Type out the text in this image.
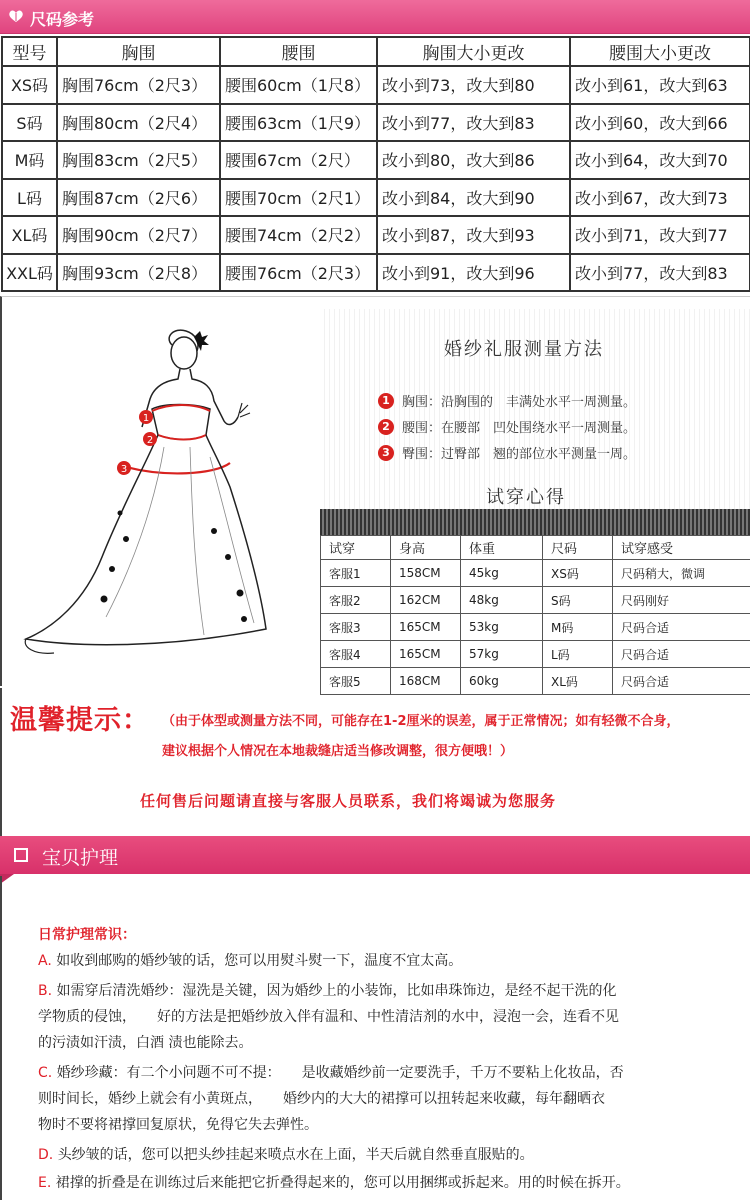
尺码参考
型号	胸围	腰围	胸围大小更改	腰围大小更改
XS码	胸围76cm（2尺3）	腰围60cm（1尺8）	改小到73，改大到80	改小到61，改大到63
S码	胸围80cm（2尺4）	腰围63cm（1尺9）	改小到77，改大到83	改小到60，改大到66
M码	胸围83cm（2尺5）	腰围67cm（2尺）	改小到80，改大到86	改小到64，改大到70
L码	胸围87cm（2尺6）	腰围70cm（2尺1）	改小到84，改大到90	改小到67，改大到73
XL码	胸围90cm（2尺7）	腰围74cm（2尺2）	改小到87，改大到93	改小到71，改大到77
XXL码	胸围93cm（2尺8）	腰围76cm（2尺3）	改小到91，改大到96	改小到77，改大到83
1
2
3
婚纱礼服测量方法
1 胸围：沿胸围的　丰满处水平一周测量。
2 腰围：在腰部　凹处围绕水平一周测量。
3 臀围：过臀部　翘的部位水平测量一周。
试穿心得
试穿	身高	体重	尺码	试穿感受
客服1	158CM	45kg	XS码	尺码稍大，微调
客服2	162CM	48kg	S码	尺码刚好
客服3	165CM	53kg	M码	尺码合适
客服4	165CM	57kg	L码	尺码合适
客服5	168CM	60kg	XL码	尺码合适
温馨提示： （由于体型或测量方法不同，可能存在1-2厘米的误差，属于正常情况；如有轻微不合身，
建议根据个人情况在本地裁缝店适当修改调整，很方便哦！）
任何售后问题请直接与客服人员联系，我们将竭诚为您服务
宝贝护理
日常护理常识：
A. 如收到邮购的婚纱皱的话，您可以用熨斗熨一下，温度不宜太高。
B. 如需穿后清洗婚纱：湿洗是关键，因为婚纱上的小装饰，比如串珠饰边，是经不起干洗的化
学物质的侵蚀，　　好的方法是把婚纱放入伴有温和、中性清洁剂的水中，浸泡一会，连看不见
的污渍如汗渍，白酒 渍也能除去。
C. 婚纱珍藏：有二个小问题不可不提：　　是收藏婚纱前一定要洗手，千万不要粘上化妆品，否
则时间长，婚纱上就会有小黄斑点，　　婚纱内的大大的裙撑可以扭转起来收藏，每年翻晒衣
物时不要将裙撑回复原状，免得它失去弹性。
D. 头纱皱的话，您可以把头纱挂起来喷点水在上面，半天后就自然垂直服贴的。
E. 裙撑的折叠是在训练过后来能把它折叠得起来的，您可以用捆绑或拆起来。用的时候在拆开。
